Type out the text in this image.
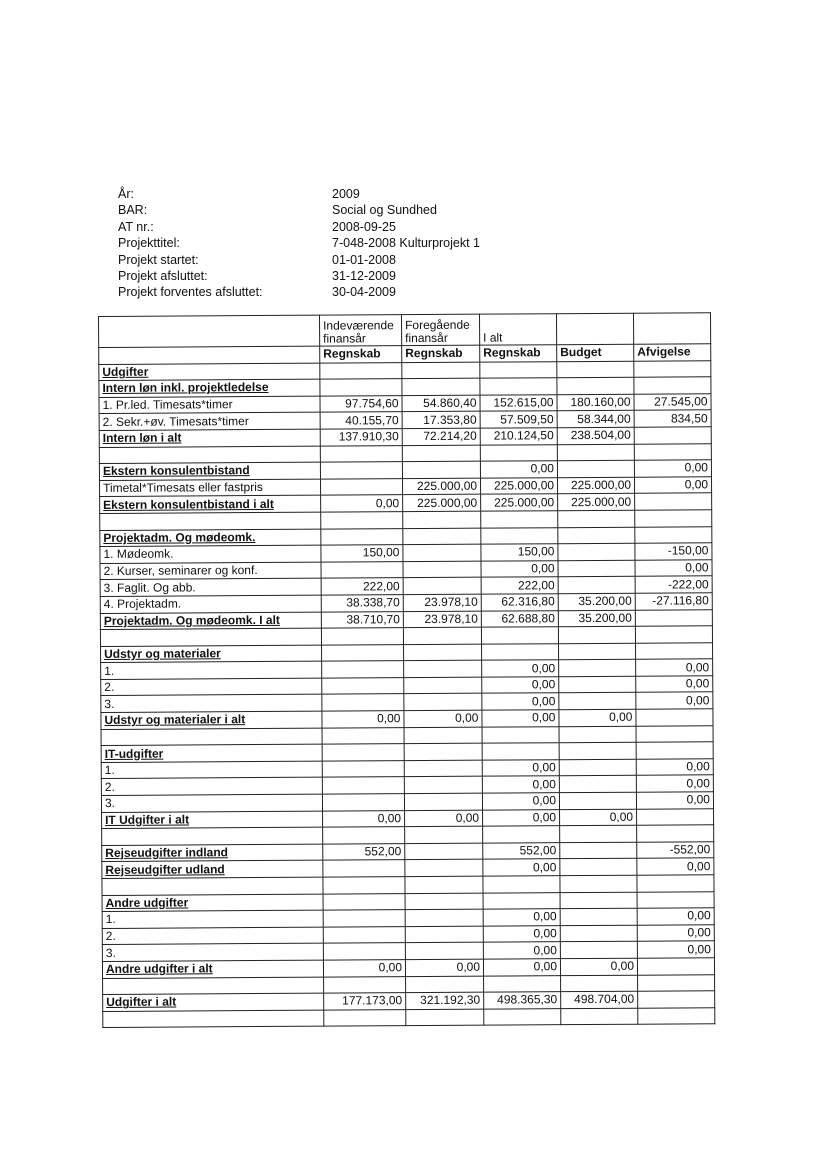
År:	2009
BAR:	Social og Sundhed
AT nr.:	2008-09-25
Projekttitel:	7-048-2008 Kulturprojekt 1
Projekt startet:	01-01-2008
Projekt afsluttet:	31-12-2009
Projekt forventes afsluttet:	30-04-2009
	Indeværende finansår	Foregående finansår	I alt		
	Regnskab	Regnskab	Regnskab	Budget	Afvigelse
Udgifter					
Intern løn inkl. projektledelse					
1. Pr.led. Timesats*timer	97.754,60	54.860,40	152.615,00	180.160,00	27.545,00
2. Sekr.+øv. Timesats*timer	40.155,70	17.353,80	57.509,50	58.344,00	834,50
Intern løn i alt	137.910,30	72.214,20	210.124,50	238.504,00	

Ekstern konsulentbistand			0,00		0,00
Timetal*Timesats eller fastpris		225.000,00	225.000,00	225.000,00	0,00
Ekstern konsulentbistand i alt	0,00	225.000,00	225.000,00	225.000,00	

Projektadm. Og mødeomk.					
1. Mødeomk.	150,00		150,00		-150,00
2. Kurser, seminarer og konf.			0,00		0,00
3. Faglit. Og abb.	222,00		222,00		-222,00
4. Projektadm.	38.338,70	23.978,10	62.316,80	35.200,00	-27.116,80
Projektadm. Og mødeomk. I alt	38.710,70	23.978,10	62.688,80	35.200,00	

Udstyr og materialer					
1.			0,00		0,00
2.			0,00		0,00
3.			0,00		0,00
Udstyr og materialer i alt	0,00	0,00	0,00	0,00	

IT-udgifter					
1.			0,00		0,00
2.			0,00		0,00
3.			0,00		0,00
IT Udgifter i alt	0,00	0,00	0,00	0,00	

Rejseudgifter indland	552,00		552,00		-552,00
Rejseudgifter udland			0,00		0,00

Andre udgifter					
1.			0,00		0,00
2.			0,00		0,00
3.			0,00		0,00
Andre udgifter i alt	0,00	0,00	0,00	0,00	

Udgifter i alt	177.173,00	321.192,30	498.365,30	498.704,00	
